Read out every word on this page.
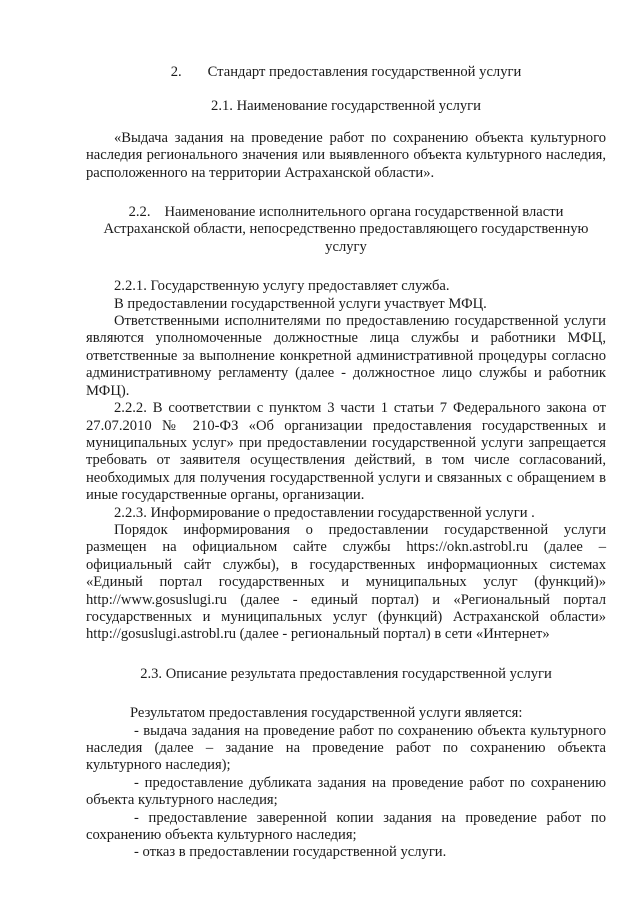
2. Стандарт предоставления государственной услуги

2.1. Наименование государственной услуги

«Выдача задания на проведение работ по сохранению объекта культурного наследия регионального значения или выявленного объекта культурного наследия, расположенного на территории Астраханской области».

2.2. Наименование исполнительного органа государственной власти Астраханской области, непосредственно предоставляющего государственную услугу

2.2.1. Государственную услугу предоставляет служба.

В предоставлении государственной услуги участвует МФЦ.

Ответственными исполнителями по предоставлению государственной услуги являются уполномоченные должностные лица службы и работники МФЦ, ответственные за выполнение конкретной административной процедуры согласно административному регламенту (далее - должностное лицо службы и работник МФЦ).

2.2.2. В соответствии с пунктом 3 части 1 статьи 7 Федерального закона от 27.07.2010 № 210-ФЗ «Об организации предоставления государственных и муниципальных услуг» при предоставлении государственной услуги запрещается требовать от заявителя осуществления действий, в том числе согласований, необходимых для получения государственной услуги и связанных с обращением в иные государственные органы, организации.

2.2.3. Информирование о предоставлении государственной услуги .

Порядок информирования о предоставлении государственной услуги размещен на официальном сайте службы https://okn.astrobl.ru (далее – официальный сайт службы), в государственных информационных системах «Единый портал государственных и муниципальных услуг (функций)» http://www.gosuslugi.ru (далее - единый портал) и «Региональный портал государственных и муниципальных услуг (функций) Астраханской области» http://gosuslugi.astrobl.ru (далее - региональный портал) в сети «Интернет»

2.3. Описание результата предоставления государственной услуги

Результатом предоставления государственной услуги является:

- выдача задания на проведение работ по сохранению объекта культурного наследия (далее – задание на проведение работ по сохранению объекта культурного наследия);

- предоставление дубликата задания на проведение работ по сохранению объекта культурного наследия;

- предоставление заверенной копии задания на проведение работ по сохранению объекта культурного наследия;

- отказ в предоставлении государственной услуги.
